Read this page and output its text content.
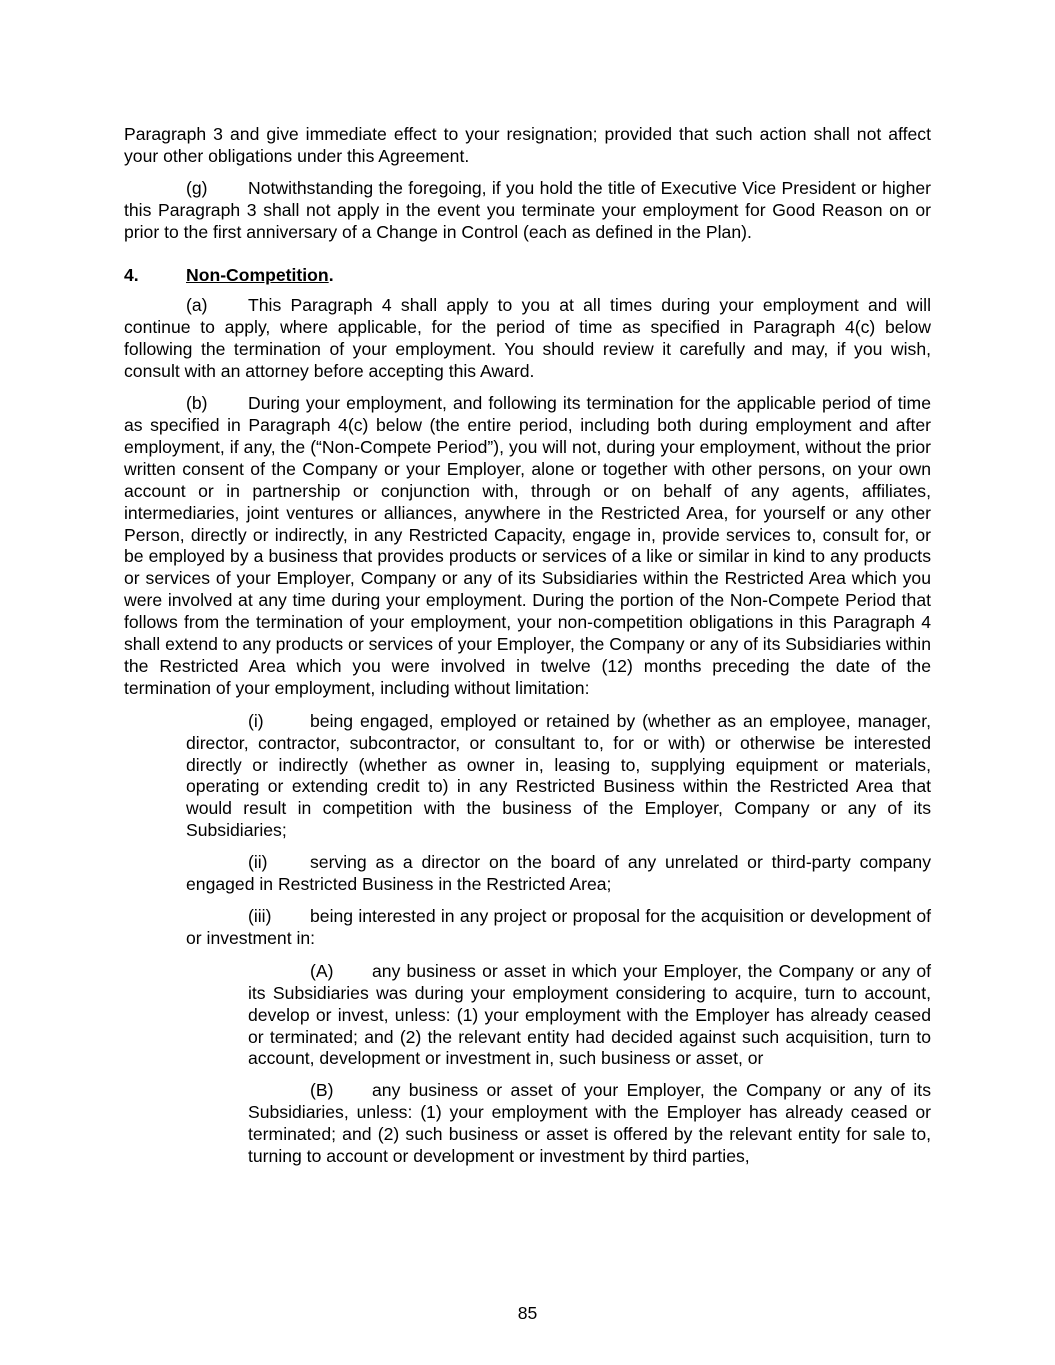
Paragraph 3 and give immediate effect to your resignation; provided that such action shall not affect your other obligations under this Agreement.

(g) Notwithstanding the foregoing, if you hold the title of Executive Vice President or higher this Paragraph 3 shall not apply in the event you terminate your employment for Good Reason on or prior to the first anniversary of a Change in Control (each as defined in the Plan).

4.	Non-Competition.

(a) This Paragraph 4 shall apply to you at all times during your employment and will continue to apply, where applicable, for the period of time as specified in Paragraph 4(c) below following the termination of your employment. You should review it carefully and may, if you wish, consult with an attorney before accepting this Award.

(b) During your employment, and following its termination for the applicable period of time as specified in Paragraph 4(c) below (the entire period, including both during employment and after employment, if any, the (“Non-Compete Period”), you will not, during your employment, without the prior written consent of the Company or your Employer, alone or together with other persons, on your own account or in partnership or conjunction with, through or on behalf of any agents, affiliates, intermediaries, joint ventures or alliances, anywhere in the Restricted Area, for yourself or any other Person, directly or indirectly, in any Restricted Capacity, engage in, provide services to, consult for, or be employed by a business that provides products or services of a like or similar in kind to any products or services of your Employer, Company or any of its Subsidiaries within the Restricted Area which you were involved at any time during your employment. During the portion of the Non-Compete Period that follows from the termination of your employment, your non-competition obligations in this Paragraph 4 shall extend to any products or services of your Employer, the Company or any of its Subsidiaries within the Restricted Area which you were involved in twelve (12) months preceding the date of the termination of your employment, including without limitation:

(i)	being engaged, employed or retained by (whether as an employee, manager, director, contractor, subcontractor, or consultant to, for or with) or otherwise be interested directly or indirectly (whether as owner in, leasing to, supplying equipment or materials, operating or extending credit to) in any Restricted Business within the Restricted Area that would result in competition with the business of the Employer, Company or any of its Subsidiaries;

(ii) serving as a director on the board of any unrelated or third-party company engaged in Restricted Business in the Restricted Area;

(iii) being interested in any project or proposal for the acquisition or development of or investment in:

(A) any business or asset in which your Employer, the Company or any of its Subsidiaries was during your employment considering to acquire, turn to account, develop or invest, unless: (1) your employment with the Employer has already ceased or terminated; and (2) the relevant entity had decided against such acquisition, turn to account, development or investment in, such business or asset, or

(B) any business or asset of your Employer, the Company or any of its Subsidiaries, unless: (1) your employment with the Employer has already ceased or terminated; and (2) such business or asset is offered by the relevant entity for sale to, turning to account or development or investment by third parties,

85
